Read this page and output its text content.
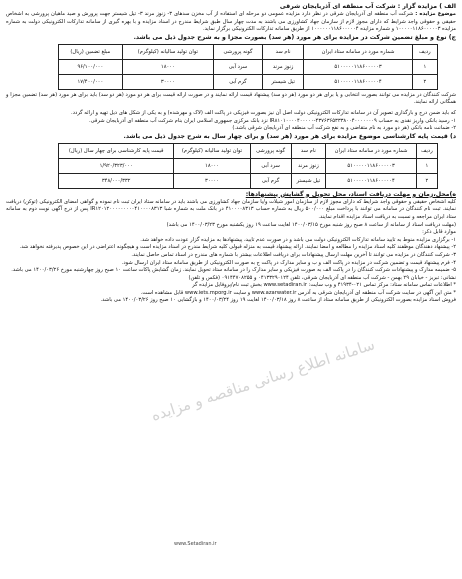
الف ) مزایده گزار : شرکت آب منطقه ای آذربایجان شرقی

موضوع مزایده : شرکت آب منطقه ای آذربایجان شرقی در نظر دارد مزایده عمومی دو مرحله ای استفاده از آب مخزن سدهای ۳- زنوز مرند ۳- تیل شیستر جهت پرورش و صید ماهیان پرورشی به اشخاص حقیقی و حقوقی واجد شرایط که دارای مجوز لازم از سازمان جهاد کشاورزی می باشند به مدت چهار سال طبق شرایط مندرج در اسناد مزایده و با بهره گیری از سامانه تدارکات الکترونیکی دولت به شماره مزایده ۱۰۰۰۰۰۱۱۸۶۰۰۰۰۰۳ و شماره مزایده ۱۰۰۰۰۰۰۱۱۸۶۰۰۰۰۰۴ از طریق سامانه تدارکات الکترونیکی برگزار نماید.

ج) نوع و مبلغ تضمین شرکت در مزایده برای هر مورد (هر سد) بصورت مجزا و به شرح جدول ذیل می باشد.
ردیف	شماره مورد در سامانه ستاد ایران	نام سد	گونه پرورشی	توان تولید سالیانه (کیلوگرم)	مبلغ تضمین (ریال)
۱	۵۱۰۰۰۰۰۱۱۸۶۰۰۰۰۰۳	زنوز مرند	سرد آبی	۱۸۰۰۰	۹۶/۱۰۰/۰۰۰
۲	۵۱۰۰۰۰۰۱۱۸۶۰۰۰۰۰۴	تیل شیستر	گرم آبی	۳۰۰۰۰	۱۷/۴۰۰/۰۰۰

شرکت کنندگان در مزایده می توانند بصورت انتخابی و یا برای هر دو مورد (هر دو سد) پیشنهاد قیمت ارائه نمایند و در صورت ارائه قیمت برای هر دو مورد (هر دو سد) باید برای هر مورد (هر سد) تضمین مجزا و همگانی ارائه نمایند.

که باید ضمن درج و بارگذاری تصویر آن در سامانه تدارکات الکترونیکی دولت اصل آن نیز بصورت فیزیکی در پاکت الف (لاک و مهرشده) و به یکی از شکل های ذیل تهیه و ارائه گردد.

۱- رسید بانکی واریز نقدی به حساب ۴۳۷۶۳۶۵۳۳۳۸۰۰۴۰۰۰۰۰۰۰۹-IR۸۱۰۱۰۰۰۰۴۰۰۰۰۰ نزد بانک مرکزی جمهوری اسلامی ایران بنام شرکت آب منطقه ای آذربایجان شرقی.

۲- ضمانت نامه بانکی (هر دو مورد به نام متقاضی و به نفع شرکت آب منطقه ای آذربایجان شرقی باشد.)

د) قیمت پایه کارشناسی موضوع مزایده برای هر مورد (هر سد) و برای چهار سال به شرح جدول ذیل می باشد.
ردیف	شماره مورد در سامانه ستاد ایران	نام سد	گونه پرورشی	توان تولید سالیانه (کیلوگرم)	قیمت پایه کارشناسی برای چهار سال (ریال)
۱	۵۱۰۰۰۰۰۱۱۸۶۰۰۰۰۰۳	زنوز مرند	سرد آبی	۱۸۰۰۰	۱/۹۲۰/۳۲۳/۰۰۰
۲	۵۱۰۰۰۰۰۱۱۸۶۰۰۰۰۰۴	تیل شیستر	گرم آبی	۳۰۰۰۰	۳۴۸/۰۰۰/۳۳۲
ه)محل،زمان و مهلت دریافت اسناد، محل تحویل و گشایش پیشنهادها:

کلیه اشخاص حقیقی و حقوقی واجد شرایط که دارای مجوز لازم از سازمان امور شیلات و/یا سازمان جهاد کشاورزی می باشند باید در سامانه ستاد ایران ثبت نام نموده و گواهی امضای الکترونیکی (توکن) دریافت نمایند. ثبت نام کنندگان در سامانه می توانند با پرداخت مبلغ ۵۰۰/۰۰۰ ریال به شماره حساب ۴۱۰۰۰۰۸۳۱۳ در بانک ملت به شماره شبا IR۱۲۰۱۲۰۰۰۰۰۰۰۰۰۴۱۰۰۰۰۸۳۱۳ پس از درج آگهی نوبت دوم به سامانه ستاد ایران مراجعه و نسبت به دریافت اسناد مزایده اقدام نمایند.

(مهلت دریافت اسناد از سامانه از ساعت ۸ صبح روز شنبه مورخ ۱۴۰۰/۰۳/۱۵ لغایت ساعت ۱۹ روز یکشنبه مورخ ۱۴۰۰/۰۳/۲۳ می باشد)

موارد قابل ذکر:

۱- برگزاری مزایده منوط به تایید سامانه تدارکات الکترونیکی دولت می باشد و در صورت عدم تایید، پیشنهادها به مزایده گزار عودت داده خواهد شد.

۲- پیشنهاد دهندگان موظفند کلیه اسناد مزایده را مطالعه و امضا نمایند. ارائه پیشنهاد قیمت به منزله قبولی کلیه شرایط مندرج در اسناد مزایده است و هیچگونه اعتراضی در این خصوص پذیرفته نخواهد شد.

۳- شرکت کنندگان در مزایده می توانند تا آخرین مهلت ارسال پیشنهادات برای دریافت اطلاعات بیشتر با شماره های مندرج در اسناد تماس حاصل نمایند.

۴- فرم پیشنهاد قیمت و تضمین شرکت در مزایده در پاکت الف و ب و سایر مدارک در پاکت ج به صورت الکترونیکی از طریق سامانه ستاد ایران ارسال شود.

۵- ضمیمه مدارک و پیشنهادات شرکت کنندگان را در پاکت الف به صورت فیزیکی و سایر مدارک را در سامانه ستاد تحویل نمایند. زمان گشایش پاکات ساعت ۱۰ صبح روز چهارشنبه مورخ ۱۴۰۰/۰۳/۲۶ می باشد.

نشانی: تبریز - خیابان ۲۹ بهمن - شرکت آب منطقه ای آذربایجان شرقی، تلفن ۰۴۱۳۳۲۹۰۱۲۴ و ۰۹۱۴۴۷۰۸۲۵۵ (فکس و تلفن)

* اطلاعات تماس سامانه ستاد: مرکز تماس ۰۲۱-۴۱۹۳۴ و وب سایت: www.setadiran.ir بخش ثبت نام/پروفایل مزایده گر

* متن این آگهی در سایت شرکت آب منطقه ای آذربایجان شرقی به آدرس www.azarwater.ir و سایت www.iets.mporg.ir قابل مشاهده است.

فروش اسناد مزایده بصورت الکترونیکی از طریق سامانه ستاد از ساعت ۸ روز ۱۴۰۰/۰۳/۱۸ لغایت ۱۹ روز ۱۴۰۰/۰۳/۲۴ و بازگشایی ۱۰ صبح روز ۱۴۰۰/۰۳/۲۶ می باشد.

سامانه اطلاع رسانی مناقصه و مزایده
www.Setadiran.ir
